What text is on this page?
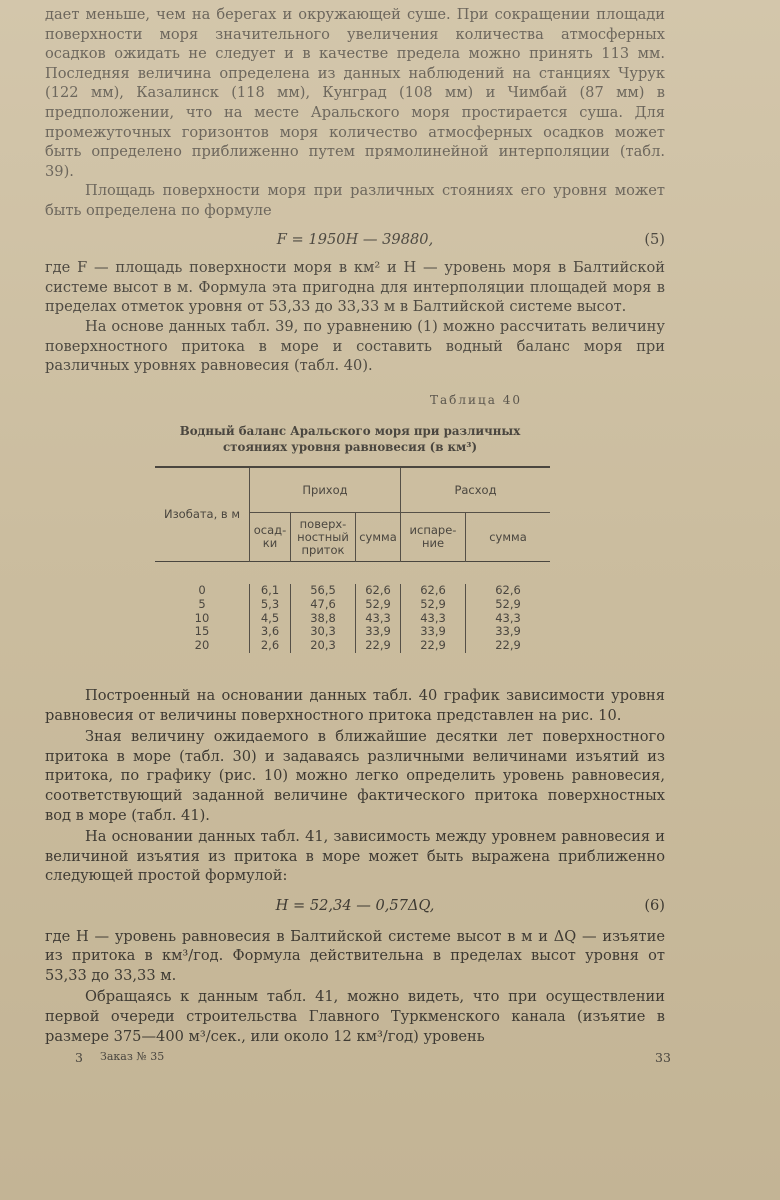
дает меньше, чем на берегах и окружающей суше. При сокращении площади поверхности моря значительного увеличения количества атмосферных осадков ожидать не следует и в качестве предела можно принять 113 мм. Последняя величина определена из данных наблюдений на станциях Чурук (122 мм), Казалинск (118 мм), Кунград (108 мм) и Чимбай (87 мм) в предположении, что на месте Аральского моря простирается суша. Для промежуточных горизонтов моря количество атмосферных осадков может быть определено приближенно путем прямолинейной интерполяции (табл. 39).

Площадь поверхности моря при различных стояниях его уровня может быть определена по формуле

F = 1950H — 39880,	(5)

где F — площадь поверхности моря в км² и H — уровень моря в Балтийской системе высот в м. Формула эта пригодна для интерполяции площадей моря в пределах отметок уровня от 53,33 до 33,33 м в Балтийской системе высот.

На основе данных табл. 39, по уравнению (1) можно рассчитать величину поверхностного притока в море и составить водный баланс моря при различных уровнях равновесия (табл. 40).

Таблица 40
Водный баланс Аральского моря при различных
стояниях уровня равновесия (в км³)
Изобата, в м	Приход			Расход	
	осад-ки	поверх-ностный приток	сумма	испаре-ние	сумма

0	6,1	56,5	62,6	62,6	62,6
5	5,3	47,6	52,9	52,9	52,9
10	4,5	38,8	43,3	43,3	43,3
15	3,6	30,3	33,9	33,9	33,9
20	2,6	20,3	22,9	22,9	22,9

Построенный на основании данных табл. 40 график зависимости уровня равновесия от величины поверхностного притока представлен на рис. 10.

Зная величину ожидаемого в ближайшие десятки лет поверхностного притока в море (табл. 30) и задаваясь различными величинами изъятий из притока, по графику (рис. 10) можно легко определить уровень равновесия, соответствующий заданной величине фактического притока поверхностных вод в море (табл. 41).

На основании данных табл. 41, зависимость между уровнем равновесия и величиной изъятия из притока в море может быть выражена приближенно следующей простой формулой:

H = 52,34 — 0,57ΔQ,	(6)

где H — уровень равновесия в Балтийской системе высот в м и ΔQ — изъятие из притока в км³/год. Формула действительна в пределах высот уровня от 53,33 до 33,33 м.

Обращаясь к данным табл. 41, можно видеть, что при осуществлении первой очереди строительства Главного Туркменского канала (изъятие в размере 375—400 м³/сек., или около 12 км³/год) уровень

3 Заказ № 35	33
